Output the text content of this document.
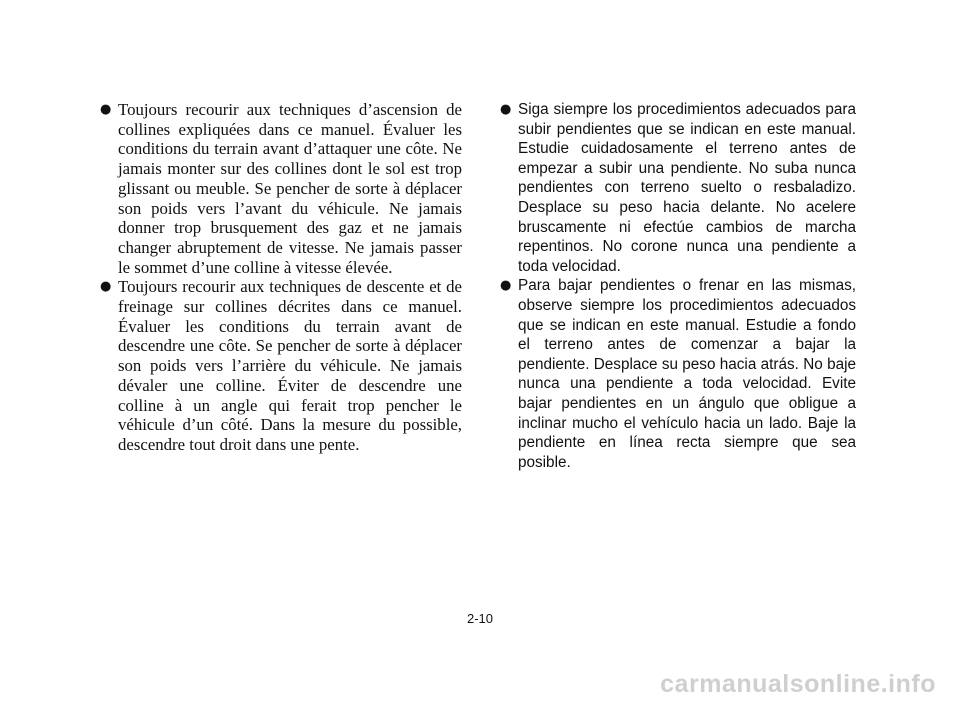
● Toujours recourir aux techniques d’ascension de collines expliquées dans ce manuel. Évaluer les conditions du terrain avant d’attaquer une côte. Ne jamais monter sur des collines dont le sol est trop glissant ou meuble. Se pencher de sorte à déplacer son poids vers l’avant du véhicule. Ne jamais donner trop brusquement des gaz et ne jamais changer abruptement de vitesse. Ne jamais passer le sommet d’une colline à vitesse élevée.
● Toujours recourir aux techniques de descente et de freinage sur collines décrites dans ce manuel. Évaluer les conditions du terrain avant de descendre une côte. Se pencher de sorte à déplacer son poids vers l’arrière du véhicule. Ne jamais dévaler une colline. Éviter de descendre une colline à un angle qui ferait trop pencher le véhicule d’un côté. Dans la mesure du possible, descendre tout droit dans une pente.
● Siga siempre los procedimientos adecuados para subir pendientes que se indican en este manual. Estudie cuidadosamente el terreno antes de empezar a subir una pendiente. No suba nunca pendientes con terreno suelto o resbaladizo. Desplace su peso hacia delante. No acelere bruscamente ni efectúe cambios de marcha repentinos. No corone nunca una pendiente a toda velocidad.
● Para bajar pendientes o frenar en las mismas, observe siempre los procedimientos adecuados que se indican en este manual. Estudie a fondo el terreno antes de comenzar a bajar la pendiente. Desplace su peso hacia atrás. No baje nunca una pendiente a toda velocidad. Evite bajar pendientes en un ángulo que obligue a inclinar mucho el vehículo hacia un lado. Baje la pendiente en línea recta siempre que sea posible.
2-10
carmanualsonline.info
